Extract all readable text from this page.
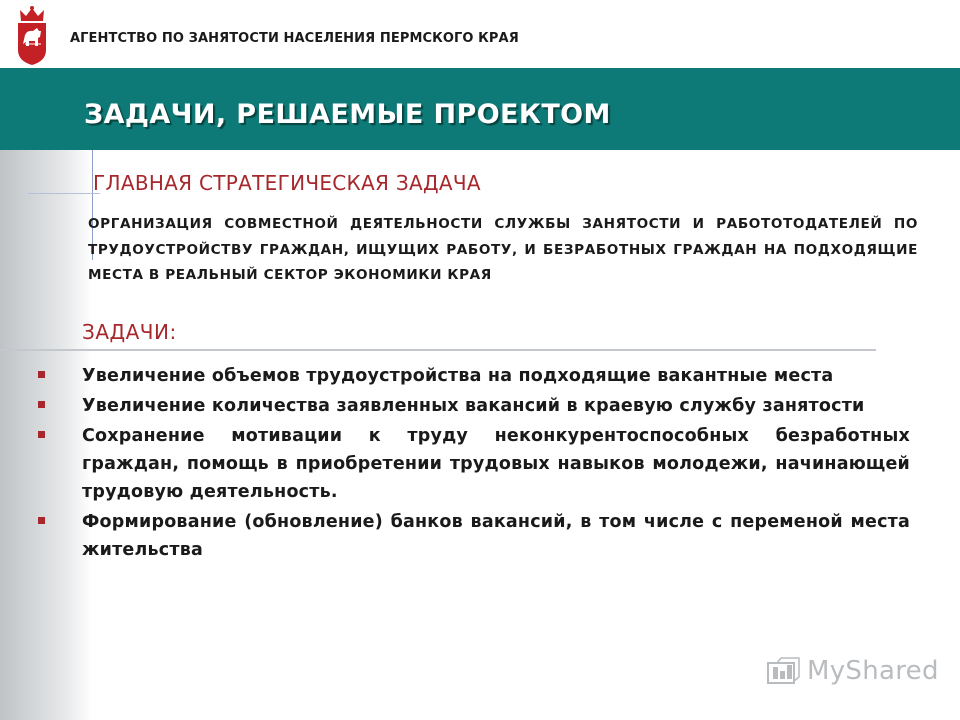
АГЕНТСТВО ПО ЗАНЯТОСТИ НАСЕЛЕНИЯ ПЕРМСКОГО КРАЯ
ЗАДАЧИ, РЕШАЕМЫЕ ПРОЕКТОМ
ГЛАВНАЯ СТРАТЕГИЧЕСКАЯ ЗАДАЧА
ОРГАНИЗАЦИЯ СОВМЕСТНОЙ ДЕЯТЕЛЬНОСТИ СЛУЖБЫ ЗАНЯТОСТИ И РАБОТОТОДАТЕЛЕЙ ПО ТРУДОУСТРОЙСТВУ ГРАЖДАН, ИЩУЩИХ РАБОТУ, И БЕЗРАБОТНЫХ ГРАЖДАН НА ПОДХОДЯЩИЕ МЕСТА В РЕАЛЬНЫЙ СЕКТОР ЭКОНОМИКИ КРАЯ
ЗАДАЧИ:
Увеличение объемов трудоустройства на подходящие вакантные места
Увеличение количества заявленных вакансий в краевую службу занятости
Сохранение мотивации к труду неконкурентоспособных безработных граждан, помощь в приобретении трудовых навыков молодежи, начинающей трудовую деятельность.
Формирование (обновление) банков вакансий, в том числе с переменой места жительства
MyShared
